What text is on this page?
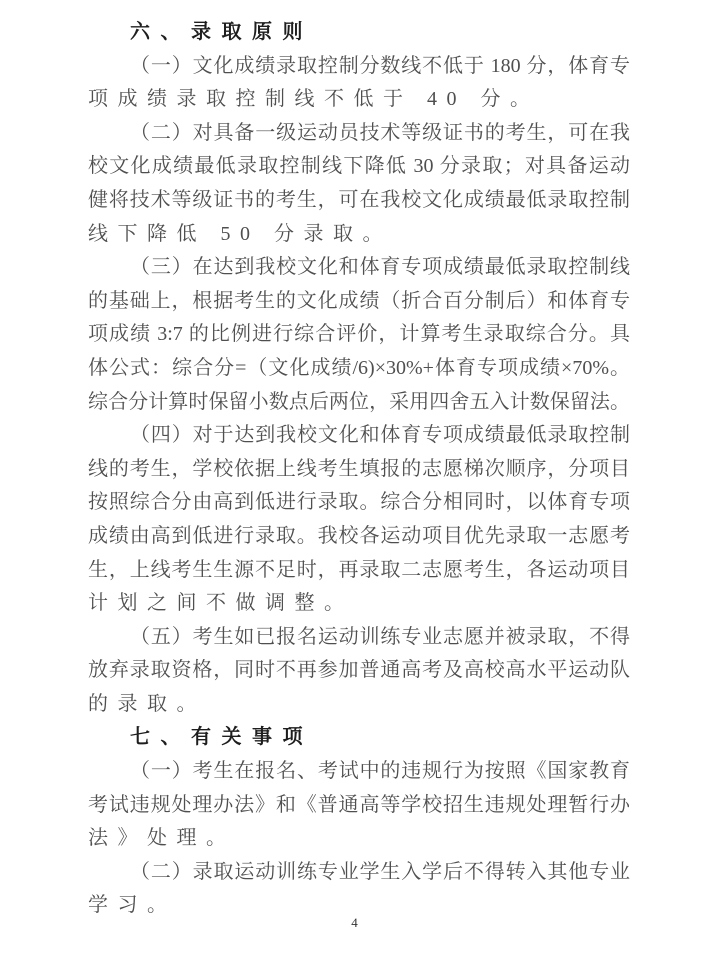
六、录取原则
（一）文化成绩录取控制分数线不低于 180 分，体育专
项成绩录取控制线不低于 40 分。
（二）对具备一级运动员技术等级证书的考生，可在我
校文化成绩最低录取控制线下降低 30 分录取；对具备运动
健将技术等级证书的考生，可在我校文化成绩最低录取控制
线下降低 50 分录取。
（三）在达到我校文化和体育专项成绩最低录取控制线
的基础上，根据考生的文化成绩（折合百分制后）和体育专
项成绩 3:7 的比例进行综合评价，计算考生录取综合分。具
体公式：综合分=（文化成绩/6)×30%+体育专项成绩×70%。
综合分计算时保留小数点后两位，采用四舍五入计数保留法。
（四）对于达到我校文化和体育专项成绩最低录取控制
线的考生，学校依据上线考生填报的志愿梯次顺序，分项目
按照综合分由高到低进行录取。综合分相同时，以体育专项
成绩由高到低进行录取。我校各运动项目优先录取一志愿考
生，上线考生生源不足时，再录取二志愿考生，各运动项目
计划之间不做调整。
（五）考生如已报名运动训练专业志愿并被录取，不得
放弃录取资格，同时不再参加普通高考及高校高水平运动队
的录取。
七、有关事项
（一）考生在报名、考试中的违规行为按照《国家教育
考试违规处理办法》和《普通高等学校招生违规处理暂行办
法》处理。
（二）录取运动训练专业学生入学后不得转入其他专业
学习。
4
